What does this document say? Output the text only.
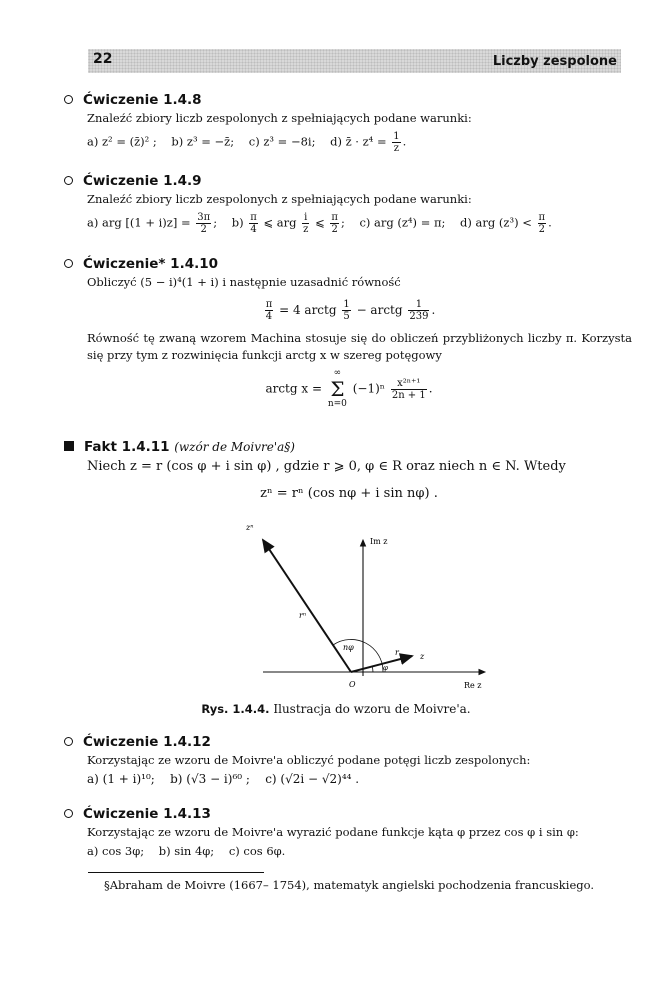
22	Liczby zespolone
Ćwiczenie 1.4.8
Znaleźć zbiory liczb zespolonych z spełniających podane warunki:
a) z² = (z̄)² ; b) z³ = −z̄; c) z³ = −8i; d) z̄ · $z^4 = \frac{1}{z}$ .
Ćwiczenie 1.4.9
Znaleźć zbiory liczb zespolonych z spełniających podane warunki:
a) arg $[(1 + i)z] = \frac{3\pi}{2}$ ; $b) \frac{\pi}{4}$ ⩽ arg $\frac{i}{z}$ ⩽ $\frac{\pi}{2}$ ; c) arg (z⁴) = π; d) arg $(z^3) < \frac{\pi}{2}$ .
Ćwiczenie* 1.4.10
Obliczyć (5 − i)⁴(1 + i) i następnie uzasadnić równość
$\frac{\pi}{4} = 4$ arctg $\frac{1}{5}$ − arctg $\frac{1}{239}$ .
Równość tę zwaną wzorem Machina stosuje się do obliczeń przybliżonych liczby π. Korzysta się przy tym z rozwinięcia funkcji arctg x w szereg potęgowy
arctg x =
∞
Σ
n=0
$(-1)^n \frac{\text{x²ⁿ⁺¹}}{2n + 1}$ .
Fakt 1.4.11 (wzór de Moivre'a§)
Niech z = r (cos φ + i sin φ) , gdzie r ⩾ 0, φ ∈ R oraz niech n ∈ N. Wtedy
zⁿ = rⁿ (cos nφ + i sin nφ) .
zⁿ
Im z
rⁿ
nφ
r	z
φ
O	Re z
Rys. 1.4.4. Ilustracja do wzoru de Moivre'a.
Ćwiczenie 1.4.12
Korzystając ze wzoru de Moivre'a obliczyć podane potęgi liczb zespolonych:
a) (1 + i)¹⁰; b) (√3 − i)⁶⁰ ; c) (√2i − √2)⁴⁴ .
Ćwiczenie 1.4.13
Korzystając ze wzoru de Moivre'a wyrazić podane funkcje kąta φ przez cos φ i sin φ:
a) cos 3φ; b) sin 4φ; c) cos 6φ.
§Abraham de Moivre (1667– 1754), matematyk angielski pochodzenia francuskiego.
